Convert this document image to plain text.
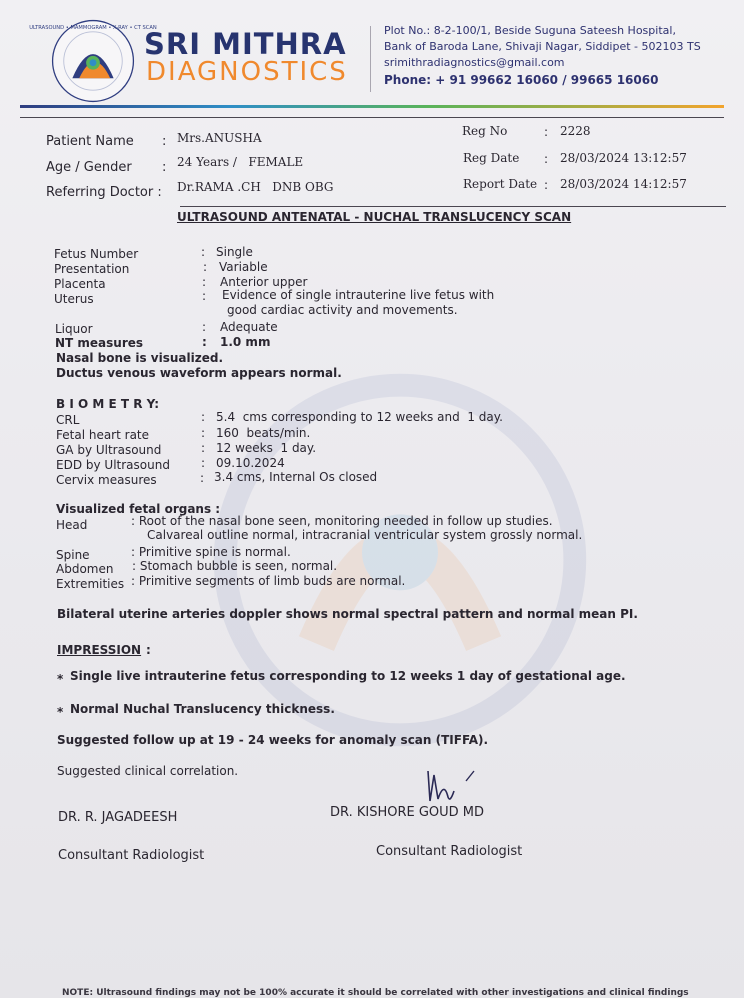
ULTRASOUND • MAMMOGRAM • X-RAY • CT SCAN
SRI MITHRA
DIAGNOSTICS
Plot No.: 8-2-100/1, Beside Suguna Sateesh Hospital,
Bank of Baroda Lane, Shivaji Nagar, Siddipet - 502103 TS
srimithradiagnostics@gmail.com
Phone: + 91 99662 16060 / 99665 16060
Patient Name : Mrs.ANUSHA
Age / Gender : 24 Years /   FEMALE
Referring Doctor : Dr.RAMA .CH   DNB OBG
Reg No	: 2228
Reg Date : 28/03/2024 13:12:57
Report Date : 28/03/2024 14:12:57
ULTRASOUND ANTENATAL - NUCHAL TRANSLUCENCY SCAN
Fetus Number	: Single
Presentation	: Variable
Placenta	: Anterior upper
Uterus	: Evidence of single intrauterine live fetus with
good cardiac activity and movements.
Liquor	: Adequate
NT measures	: 1.0 mm
Nasal bone is visualized.
Ductus venous waveform appears normal.
B I O M E T R Y:
CRL	: 5.4  cms corresponding to 12 weeks and  1 day.
Fetal heart rate	: 160  beats/min.
GA by Ultrasound	: 12 weeks  1 day.
EDD by Ultrasound	: 09.10.2024
Cervix measures	: 3.4 cms, Internal Os closed
Visualized fetal organs :
Head	: Root of the nasal bone seen, monitoring needed in follow up studies.
Calvareal outline normal, intracranial ventricular system grossly normal.
Spine	: Primitive spine is normal.
Abdomen : Stomach bubble is seen, normal.
Extremities : Primitive segments of limb buds are normal.
Bilateral uterine arteries doppler shows normal spectral pattern and normal mean PI.
IMPRESSION :
* Single live intrauterine fetus corresponding to 12 weeks 1 day of gestational age.
* Normal Nuchal Translucency thickness.
Suggested follow up at 19 - 24 weeks for anomaly scan (TIFFA).
Suggested clinical correlation.
DR. R. JAGADEESH
Consultant Radiologist
DR. KISHORE GOUD MD
Consultant Radiologist
NOTE: Ultrasound findings may not be 100% accurate it should be correlated with other investigations and clinical findings
